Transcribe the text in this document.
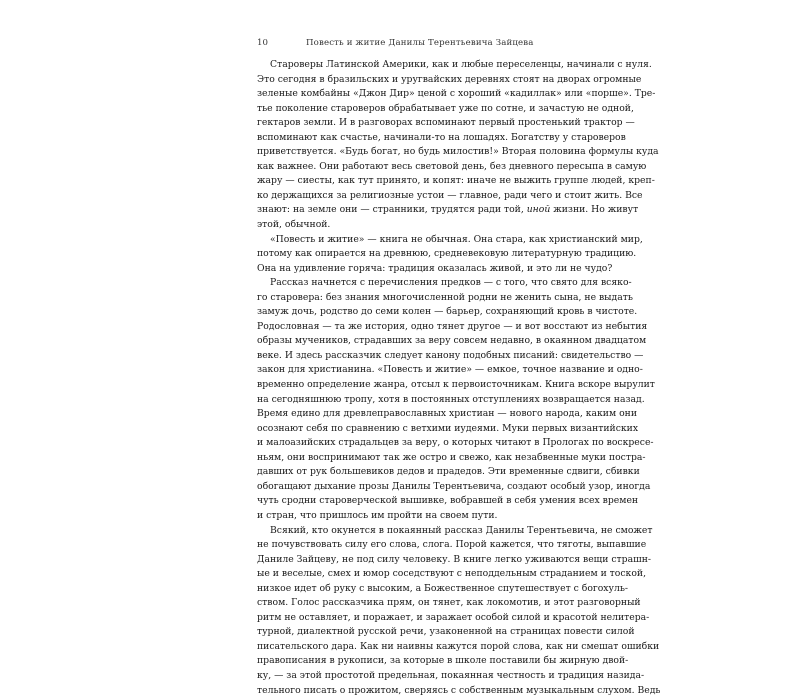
10	Повесть и житие Данилы Терентьевича Зайцева
Староверы Латинской Америки, как и любые переселенцы, начинали с нуля.
Это сегодня в бразильских и уругвайских деревнях стоят на дворах огромные
зеленые комбайны «Джон Дир» ценой с хороший «кадиллак» или «порше». Тре-
тье поколение староверов обрабатывает уже по сотне, и зачастую не одной,
гектаров земли. И в разговорах вспоминают первый простенький трактор —
вспоминают как счастье, начинали-то на лошадях. Богатству у староверов
приветствуется. «Будь богат, но будь милостив!» Вторая половина формулы куда
как важнее. Они работают весь световой день, без дневного пересыпа в самую
жару — сиесты, как тут принято, и копят: иначе не выжить группе людей, креп-
ко держащихся за религиозные устои — главное, ради чего и стоит жить. Все
знают: на земле они — странники, трудятся ради той, иной жизни. Но живут
этой, обычной.
«Повесть и житие» — книга не обычная. Она стара, как христианский мир,
потому как опирается на древнюю, средневековую литературную традицию.
Она на удивление горяча: традиция оказалась живой, и это ли не чудо?
Рассказ начнется с перечисления предков — с того, что свято для всяко-
го старовера: без знания многочисленной родни не женить сына, не выдать
замуж дочь, родство до семи колен — барьер, сохраняющий кровь в чистоте.
Родословная — та же история, одно тянет другое — и вот восстают из небытия
образы мучеников, страдавших за веру совсем недавно, в окаянном двадцатом
веке. И здесь рассказчик следует канону подобных писаний: свидетельство —
закон для христианина. «Повесть и житие» — емкое, точное название и одно-
временно определение жанра, отсыл к первоисточникам. Книга вскоре вырулит
на сегодняшнюю тропу, хотя в постоянных отступлениях возвращается назад.
Время едино для древлеправославных христиан — нового народа, каким они
осознают себя по сравнению с ветхими иудеями. Муки первых византийских
и малоазийских страдальцев за веру, о которых читают в Прологах по воскресе-
ньям, они воспринимают так же остро и свежо, как незабвенные муки постра-
давших от рук большевиков дедов и прадедов. Эти временные сдвиги, сбивки
обогащают дыхание прозы Данилы Терентьевича, создают особый узор, иногда
чуть сродни староверческой вышивке, вобравшей в себя умения всех времен
и стран, что пришлось им пройти на своем пути.
Всякий, кто окунется в покаянный рассказ Данилы Терентьевича, не сможет
не почувствовать силу его слова, слога. Порой кажется, что тяготы, выпавшие
Даниле Зайцеву, не под силу человеку. В книге легко уживаются вещи страшн-
ые и веселые, смех и юмор соседствуют с неподдельным страданием и тоской,
низкое идет об руку с высоким, а Божественное спутешествует с богохуль-
ством. Голос рассказчика прям, он тянет, как локомотив, и этот разговорный
ритм не оставляет, и поражает, и заражает особой силой и красотой нелитера-
турной, диалектной русской речи, узаконенной на страницах повести силой
писательского дара. Как ни наивны кажутся порой слова, как ни смешат ошибки
правописания в рукописи, за которые в школе поставили бы жирную двой-
ку, — за этой простотой предельная, покаянная честность и традиция назида-
тельного писать о прожитом, сверяясь с собственным музыкальным слухом. Ведь
